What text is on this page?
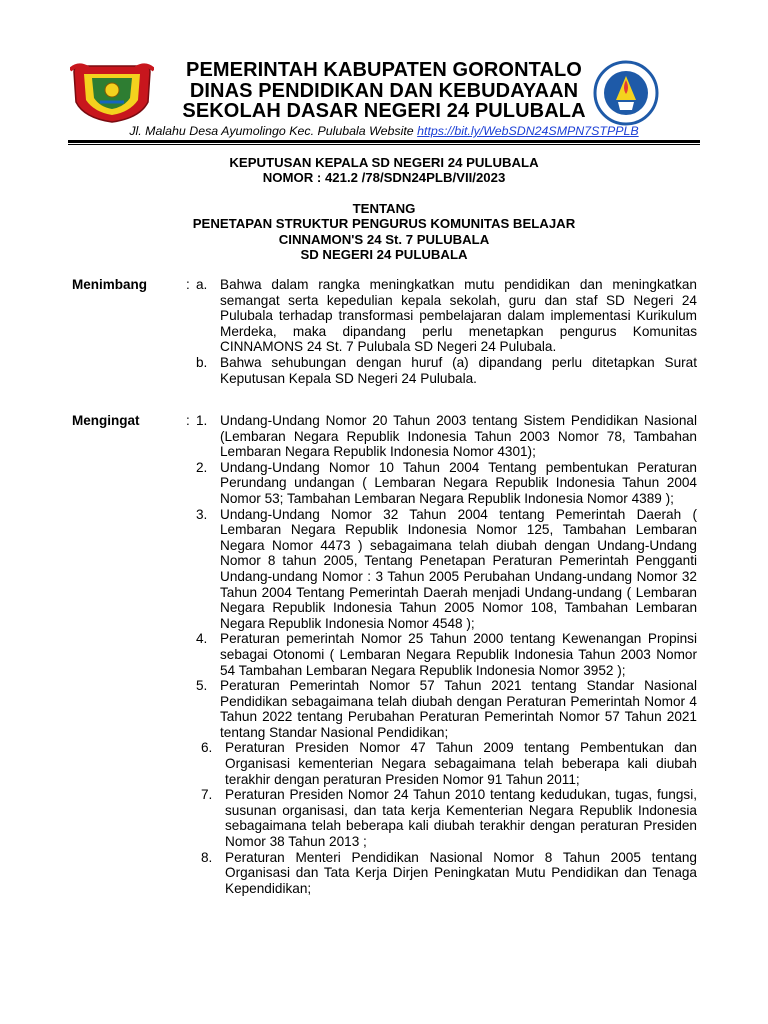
PEMERINTAH KABUPATEN GORONTALO
DINAS PENDIDIKAN DAN KEBUDAYAAN
SEKOLAH DASAR NEGERI 24 PULUBALA
Jl. Malahu Desa Ayumolingo Kec. Pulubala Website https://bit.ly/WebSDN24SMPN7STPPLB
KEPUTUSAN KEPALA SD NEGERI 24 PULUBALA
NOMOR : 421.2 /78/SDN24PLB/VII/2023
TENTANG
PENETAPAN STRUKTUR PENGURUS KOMUNITAS BELAJAR
CINNAMON'S 24 St. 7 PULUBALA
SD NEGERI 24 PULUBALA
Menimbang	: a. Bahwa dalam rangka meningkatkan mutu pendidikan dan meningkatkan semangat serta kepedulian kepala sekolah, guru dan staf SD Negeri 24 Pulubala terhadap transformasi pembelajaran dalam implementasi Kurikulum Merdeka, maka dipandang perlu menetapkan pengurus Komunitas CINNAMONS 24 St. 7 Pulubala SD Negeri 24 Pulubala.
b. Bahwa sehubungan dengan huruf (a) dipandang perlu ditetapkan Surat Keputusan Kepala SD Negeri 24 Pulubala.
Mengingat	: 1. Undang-Undang Nomor 20 Tahun 2003 tentang Sistem Pendidikan Nasional (Lembaran Negara Republik Indonesia Tahun 2003 Nomor 78, Tambahan Lembaran Negara Republik Indonesia Nomor 4301);
2. Undang-Undang Nomor 10 Tahun 2004 Tentang pembentukan Peraturan Perundang undangan ( Lembaran Negara Republik Indonesia Tahun 2004 Nomor 53; Tambahan Lembaran Negara Republik Indonesia Nomor 4389 );
3. Undang-Undang Nomor 32 Tahun 2004 tentang Pemerintah Daerah ( Lembaran Negara Republik Indonesia Nomor 125, Tambahan Lembaran Negara Nomor 4473 ) sebagaimana telah diubah dengan Undang-Undang Nomor 8 tahun 2005, Tentang Penetapan Peraturan Pemerintah Pengganti Undang-undang Nomor : 3 Tahun 2005 Perubahan Undang-undang Nomor 32 Tahun 2004 Tentang Pemerintah Daerah menjadi Undang-undang ( Lembaran Negara Republik Indonesia Tahun 2005 Nomor 108, Tambahan Lembaran Negara Republik Indonesia Nomor 4548 );
4. Peraturan pemerintah Nomor 25 Tahun 2000 tentang Kewenangan Propinsi sebagai Otonomi ( Lembaran Negara Republik Indonesia Tahun 2003 Nomor 54 Tambahan Lembaran Negara Republik Indonesia Nomor 3952 );
5. Peraturan Pemerintah Nomor 57 Tahun 2021 tentang Standar Nasional Pendidikan sebagaimana telah diubah dengan Peraturan Pemerintah Nomor 4 Tahun 2022 tentang Perubahan Peraturan Pemerintah Nomor 57 Tahun 2021 tentang Standar Nasional Pendidikan;
6. Peraturan Presiden Nomor 47 Tahun 2009 tentang Pembentukan dan Organisasi kementerian Negara sebagaimana telah beberapa kali diubah terakhir dengan peraturan Presiden Nomor 91 Tahun 2011;
7. Peraturan Presiden Nomor 24 Tahun 2010 tentang kedudukan, tugas, fungsi, susunan organisasi, dan tata kerja Kementerian Negara Republik Indonesia sebagaimana telah beberapa kali diubah terakhir dengan peraturan Presiden Nomor 38 Tahun 2013 ;
8. Peraturan Menteri Pendidikan Nasional Nomor 8 Tahun 2005 tentang Organisasi dan Tata Kerja Dirjen Peningkatan Mutu Pendidikan dan Tenaga Kependidikan;
